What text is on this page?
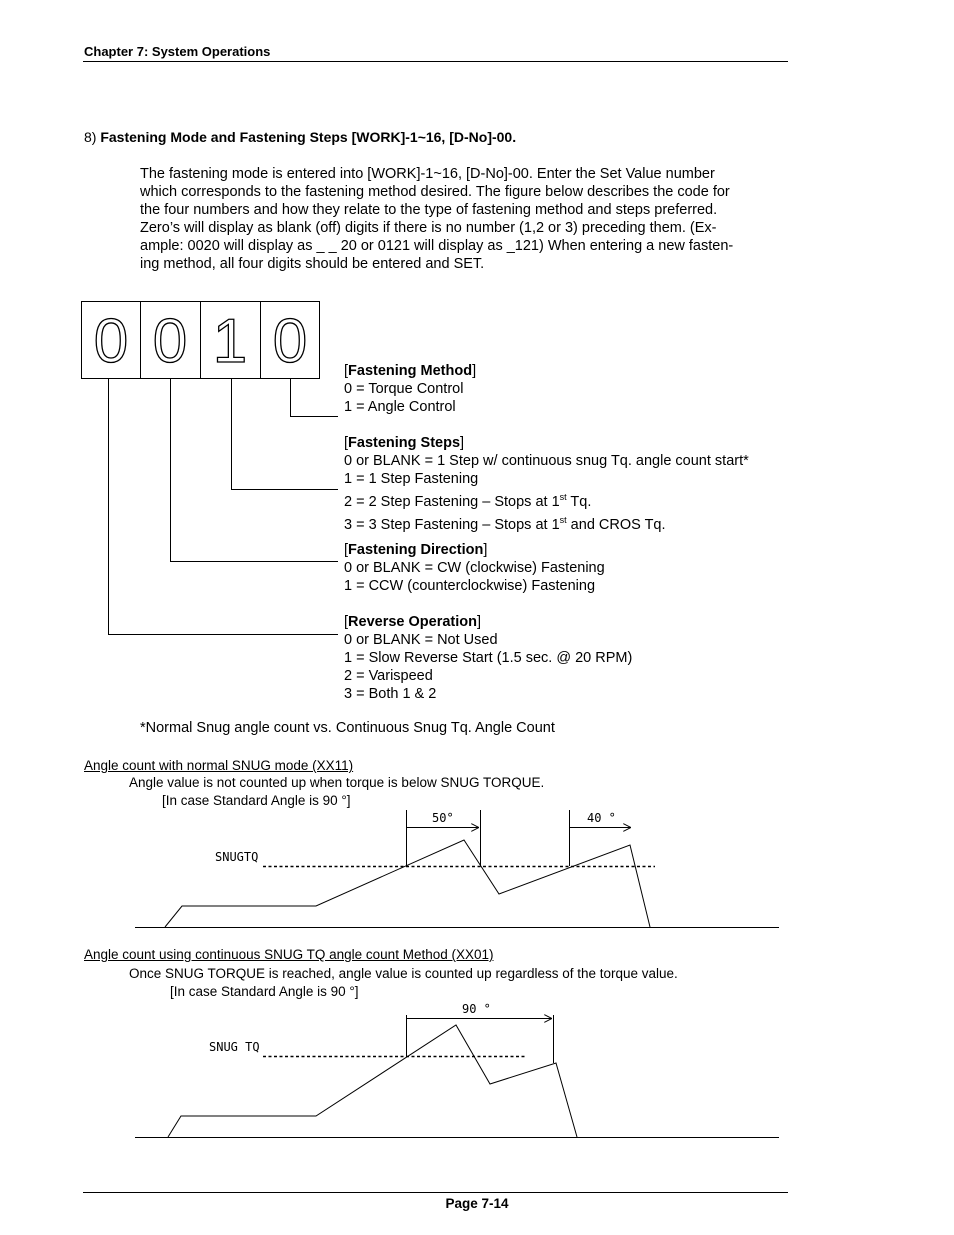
Chapter 7: System Operations
8) Fastening Mode and Fastening Steps [WORK]-1~16, [D-No]-00.
The fastening mode is entered into [WORK]-1~16, [D-No]-00. Enter the Set Value number
which corresponds to the fastening method desired. The figure below describes the code for
the four numbers and how they relate to the type of fastening method and steps preferred.
Zero’s will display as blank (off) digits if there is no number (1,2 or 3) preceding them. (Ex-
ample: 0020 will display as _ _ 20 or 0121 will display as _121) When entering a new fasten-
ing method, all four digits should be entered and SET.
0 0 1 0	[Fastening Method]
0 = Torque Control
1 = Angle Control
[Fastening Steps]
0 or BLANK = 1 Step w/ continuous snug Tq. angle count start*
1 = 1 Step Fastening
2 = 2 Step Fastening – Stops at 1st Tq.
3 = 3 Step Fastening – Stops at 1st and CROS Tq.
[Fastening Direction]
0 or BLANK = CW (clockwise) Fastening
1 = CCW (counterclockwise) Fastening
[Reverse Operation]
0 or BLANK = Not Used
1 = Slow Reverse Start (1.5 sec. @ 20 RPM)
2 = Varispeed
3 = Both 1 & 2
*Normal Snug angle count vs. Continuous Snug Tq. Angle Count
Angle count with normal SNUG mode (XX11)
Angle value is not counted up when torque is below SNUG TORQUE.
[In case Standard Angle is 90 °]
50°	40 °
SNUGTQ
Angle count using continuous SNUG TQ angle count Method (XX01)
Once SNUG TORQUE is reached, angle value is counted up regardless of the torque value.
[In case Standard Angle is 90 °]
90 °
SNUG TQ
Page 7-14
